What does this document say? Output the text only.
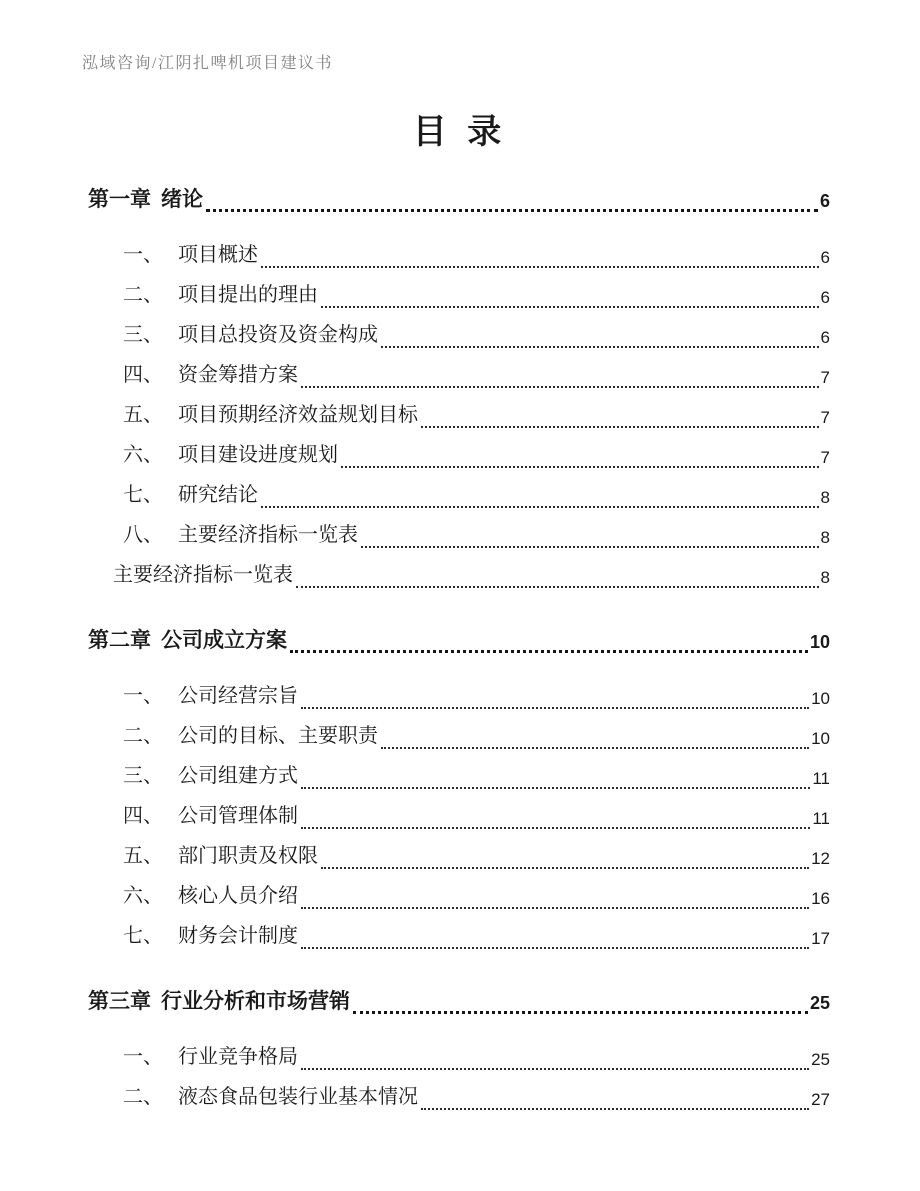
泓域咨询/江阴扎啤机项目建议书
目 录
第一章 绪论	6
一、 项目概述	6
二、 项目提出的理由	6
三、 项目总投资及资金构成	6
四、 资金筹措方案	7
五、 项目预期经济效益规划目标	7
六、 项目建设进度规划	7
七、 研究结论	8
八、 主要经济指标一览表	8
主要经济指标一览表	8
第二章 公司成立方案	10
一、 公司经营宗旨	10
二、 公司的目标、主要职责	10
三、 公司组建方式	11
四、 公司管理体制	11
五、 部门职责及权限	12
六、 核心人员介绍	16
七、 财务会计制度	17
第三章 行业分析和市场营销	25
一、 行业竞争格局	25
二、 液态食品包装行业基本情况	27
